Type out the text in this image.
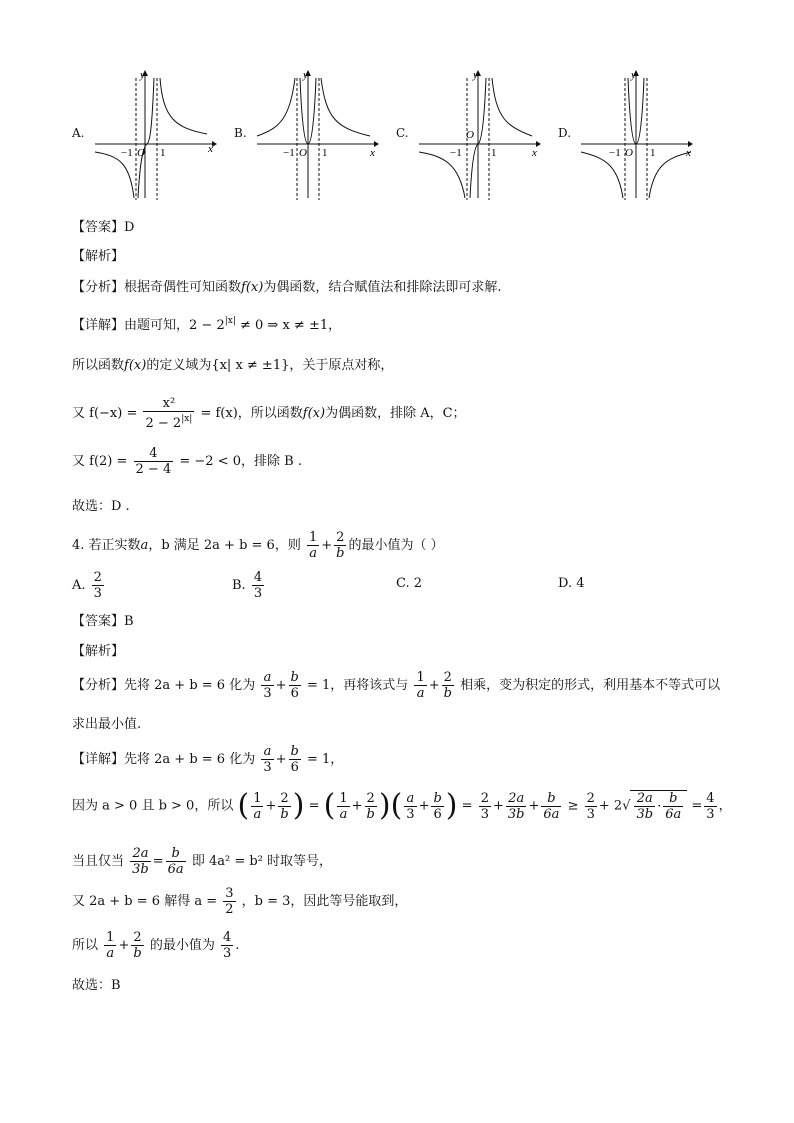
A.
x
y
−1 O 1
B.
x
y
−1 O 1
C.
x
y
−1
O
1
D.
x
y
−1 O 1
【答案】D
【解析】
【分析】根据奇偶性可知函数f(x)为偶函数，结合赋值法和排除法即可求解.
【详解】由题可知，$2 - 2^{|x|} \ne 0$ ⇒ x ≠ ±1，
所以函数f(x)的定义域为{x| x ≠ ±1}，关于原点对称，
又 $f(-x) = \frac{\text{x²}}{2 - 2^{|x|}} = f(x)$，所以函数f(x)为偶函数，排除 A，C；
又 $f(2) = \frac{4}{2 - 4} = -2 < 0$，排除 B .
故选：D .
4. 若正实数a，b 满足 2a + b = 6，则 $\frac{1}{a} + \frac{2}{b}$ 的最小值为（ ）
A. $\frac{2}{3}$	B. $\frac{4}{3}$	C. 2	D. 4
【答案】B
【解析】
【分析】先将 2a + b = 6 化为 $\frac{a}{3} + \frac{b}{6} = 1$，再将该式与 $\frac{1}{a} + \frac{2}{b}$ 相乘，变为积定的形式，利用基本不等式可以
求出最小值.
【详解】先将 2a + b = 6 化为 $\frac{a}{3} + \frac{b}{6} = 1$，
因为 a > 0 且 b > 0，所以 ( $\frac{1}{a} + \frac{2}{b}$ ) = ( $\frac{1}{a} + \frac{2}{b}$ )( $\frac{a}{3} + \frac{b}{6}$ ) = $\frac{2}{3} + \frac{2a}{3b} + \frac{b}{6a} \ge \frac{2}{3} + 2√ \frac{2a}{3b} \cdot \frac{b}{6a} = \frac{4}{3}$ ，
当且仅当 $\frac{2a}{3b} = \frac{b}{6a}$ 即 4a² = b² 时取等号，
又 2a + b = 6 解得 $a = \frac{3}{2}$ ，b = 3，因此等号能取到，
所以 $\frac{1}{a} + \frac{2}{b}$ 的最小值为 $\frac{4}{3}$ .
故选：B
